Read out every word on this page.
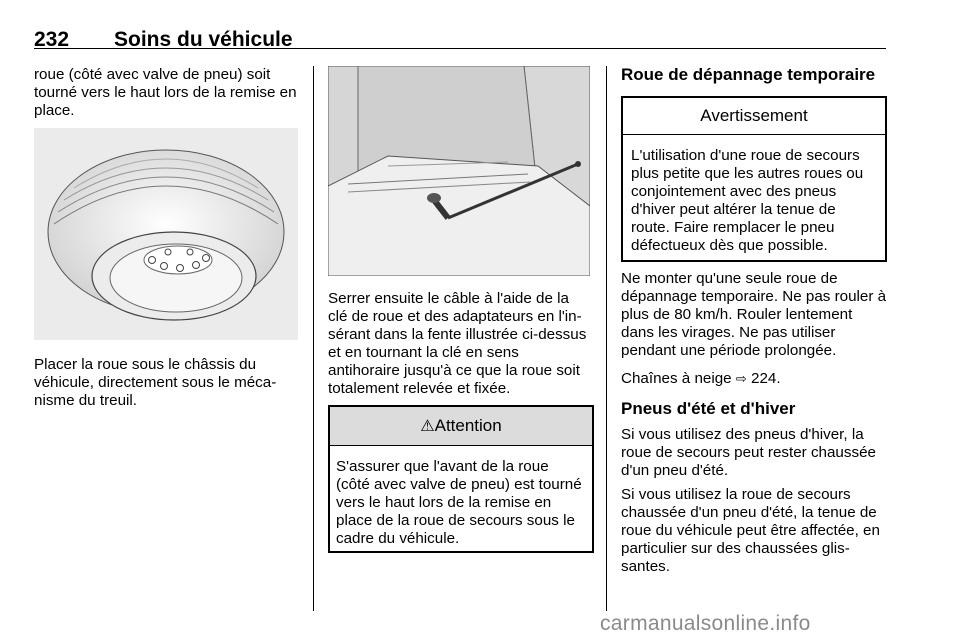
232 Soins du véhicule

roue (côté avec valve de pneu) soit tourné vers le haut lors de la remise en place.

Placer la roue sous le châssis du véhicule, directement sous le méca-nisme du treuil.

Serrer ensuite le câble à l'aide de la clé de roue et des adaptateurs en l'in-sérant dans la fente illustrée ci-dessus et en tournant la clé en sens antihoraire jusqu'à ce que la roue soit totalement relevée et fixée.

⚠Attention

S'assurer que l'avant de la roue (côté avec valve de pneu) est tourné vers le haut lors de la remise en place de la roue de secours sous le cadre du véhicule.

Roue de dépannage temporaire

Avertissement

L'utilisation d'une roue de secours plus petite que les autres roues ou conjointement avec des pneus d'hiver peut altérer la tenue de route. Faire remplacer le pneu défectueux dès que possible.

Ne monter qu'une seule roue de dépannage temporaire. Ne pas rouler à plus de 80 km/h. Rouler lentement dans les virages. Ne pas utiliser pendant une période prolongée.

Chaînes à neige ⇨ 224.

Pneus d'été et d'hiver

Si vous utilisez des pneus d'hiver, la roue de secours peut rester chaussée d'un pneu d'été.

Si vous utilisez la roue de secours chaussée d'un pneu d'été, la tenue de roue du véhicule peut être affectée, en particulier sur des chaussées glis-santes.

carmanualsonline.info
